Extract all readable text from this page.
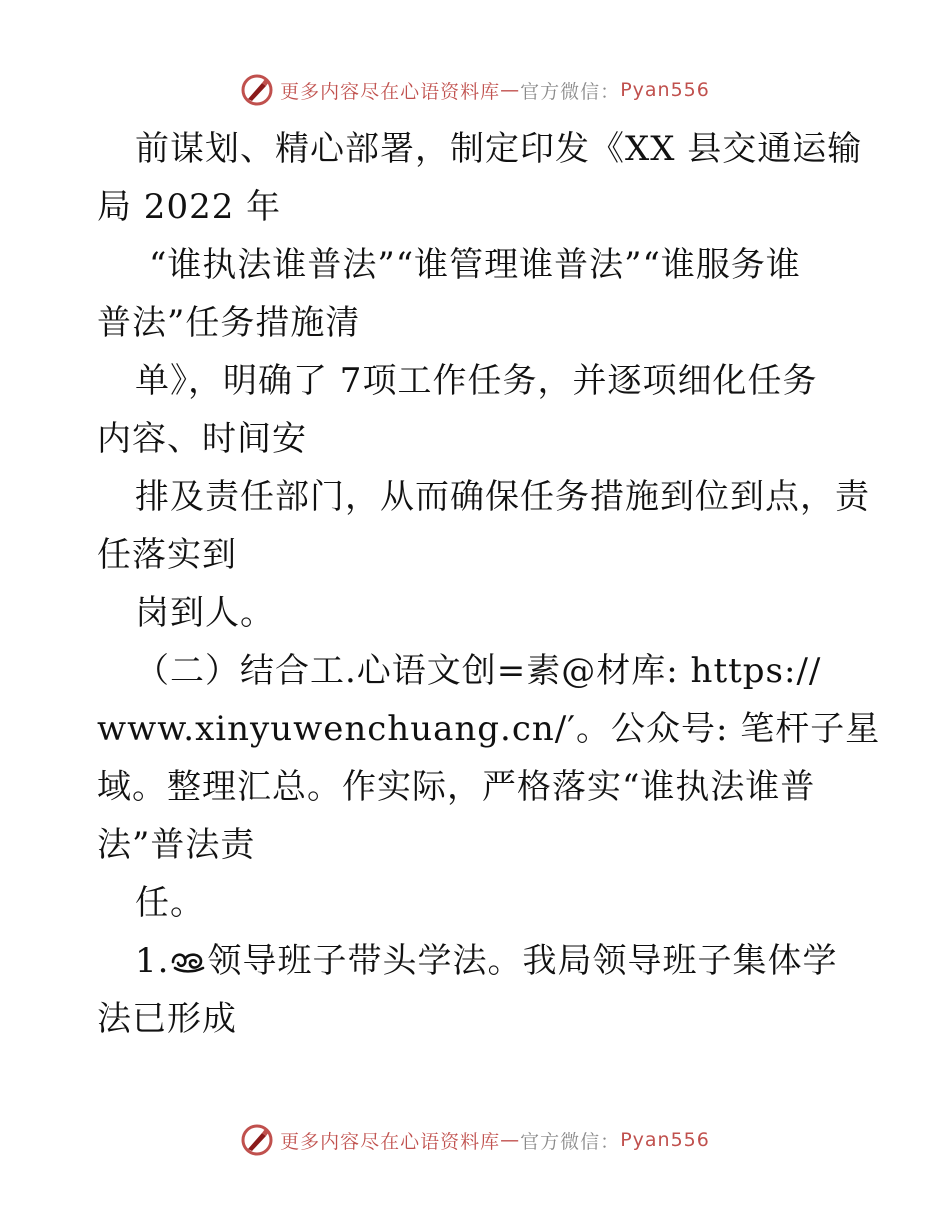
更多内容尽在心语资料库 — 官方微信： Pyan556
前谋划、精心部署，制定印发《XX 县交通运输
局 2022 年
“谁执法谁普法”“谁管理谁普法”“谁服务谁
普法”任务措施清
单》，明确了 7项工作任务，并逐项细化任务
内容、时间安
排及责任部门，从而确保任务措施到位到点，责
任落实到
岗到人。
（二）结合工.心语文创=素@材库: https://
www.xinyuwenchuang.cn/′。公众号: 笔杆子星
域。整理汇总。作实际，严格落实“谁执法谁普
法”普法责
任。
1. 领导班子带头学法。我局领导班子集体学
法已形成
更多内容尽在心语资料库 — 官方微信： Pyan556
